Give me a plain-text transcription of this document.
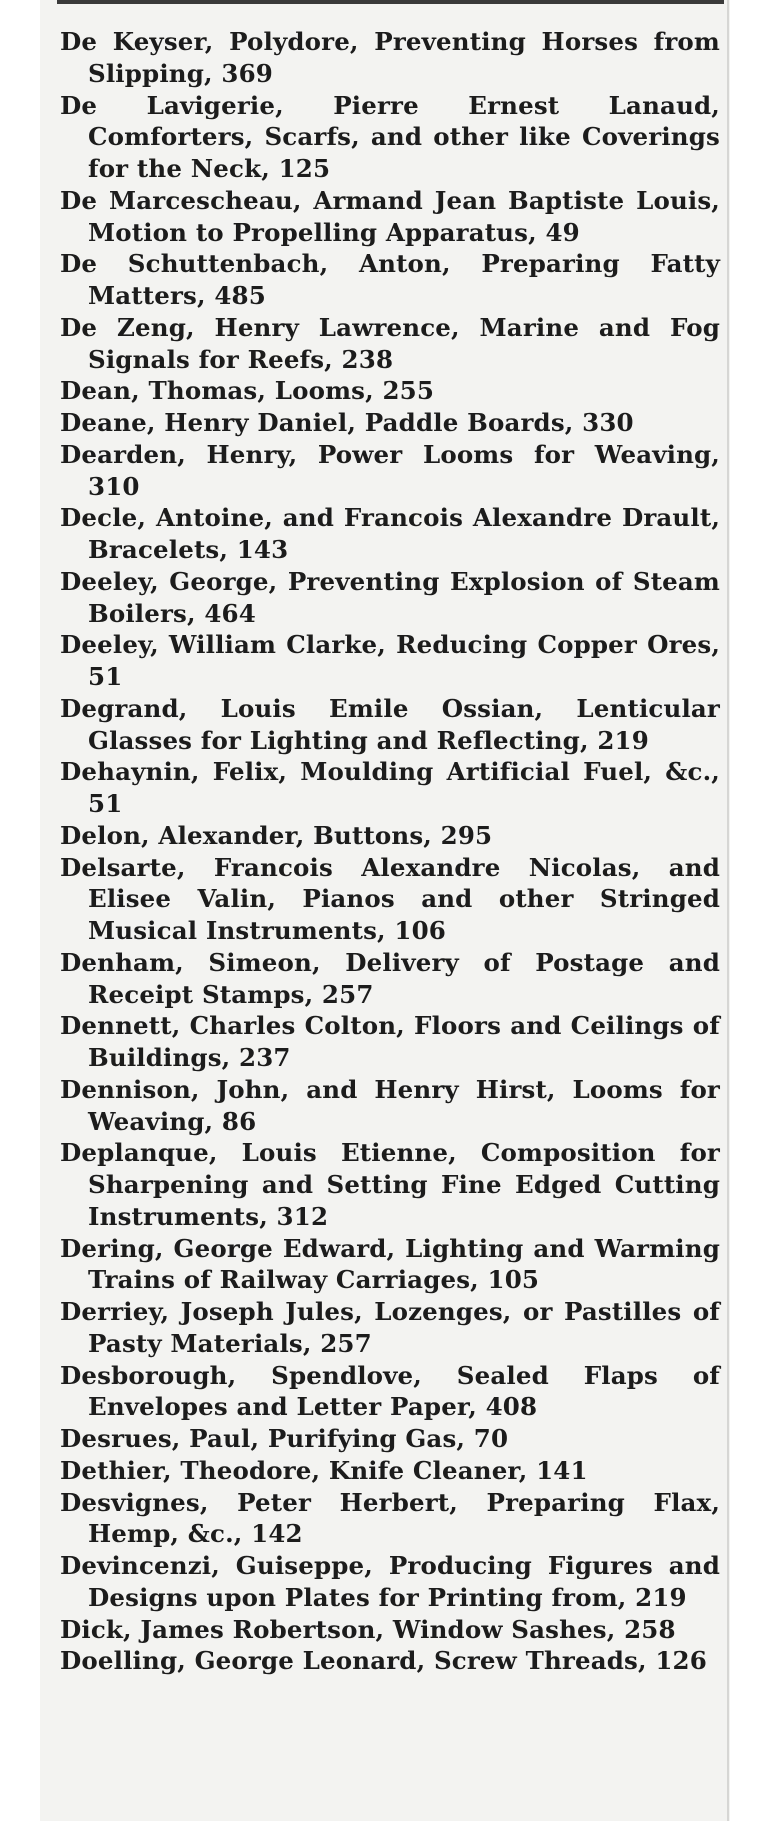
De Keyser, Polydore, Preventing Horses from Slipping, 369
De Lavigerie, Pierre Ernest Lanaud, Comforters, Scarfs, and other like Coverings for the Neck, 125
De Marcescheau, Armand Jean Baptiste Louis, Motion to Propelling Apparatus, 49
De Schuttenbach, Anton, Preparing Fatty Matters, 485
De Zeng, Henry Lawrence, Marine and Fog Signals for Reefs, 238
Dean, Thomas, Looms, 255
Deane, Henry Daniel, Paddle Boards, 330
Dearden, Henry, Power Looms for Weaving, 310
Decle, Antoine, and Francois Alexandre Drault, Bracelets, 143
Deeley, George, Preventing Explosion of Steam Boilers, 464
Deeley, William Clarke, Reducing Copper Ores, 51
Degrand, Louis Emile Ossian, Lenticular Glasses for Lighting and Reflecting, 219
Dehaynin, Felix, Moulding Artificial Fuel, &c., 51
Delon, Alexander, Buttons, 295
Delsarte, Francois Alexandre Nicolas, and Elisee Valin, Pianos and other Stringed Musical Instruments, 106
Denham, Simeon, Delivery of Postage and Receipt Stamps, 257
Dennett, Charles Colton, Floors and Ceilings of Buildings, 237
Dennison, John, and Henry Hirst, Looms for Weaving, 86
Deplanque, Louis Etienne, Composition for Sharpening and Setting Fine Edged Cutting Instruments, 312
Dering, George Edward, Lighting and Warming Trains of Railway Carriages, 105
Derriey, Joseph Jules, Lozenges, or Pastilles of Pasty Materials, 257
Desborough, Spendlove, Sealed Flaps of Envelopes and Letter Paper, 408
Desrues, Paul, Purifying Gas, 70
Dethier, Theodore, Knife Cleaner, 141
Desvignes, Peter Herbert, Preparing Flax, Hemp, &c., 142
Devincenzi, Guiseppe, Producing Figures and Designs upon Plates for Printing from, 219
Dick, James Robertson, Window Sashes, 258
Doelling, George Leonard, Screw Threads, 126
